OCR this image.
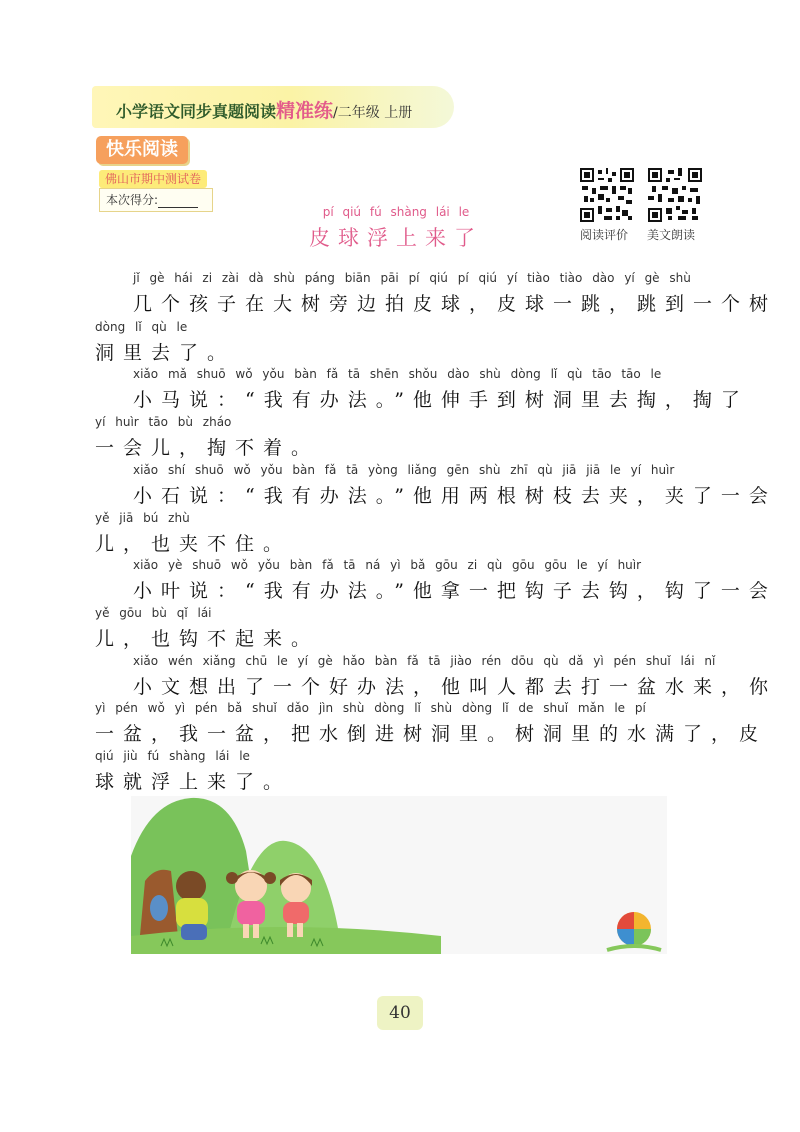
小学语文同步真题阅读精准练/二年级 上册
快乐阅读
佛山市期中测试卷
本次得分:
阅读评价 美文朗读
pí qiú fú shàng lái le
皮球浮上来了
jǐ gè hái zi zài dà shù páng biān pāi pí qiú pí qiú yí tiào tiào dào yí gè shù
几个孩子在大树旁边拍皮球，皮球一跳，跳到一个树
dòng lǐ qù le
洞里去了。
xiǎo mǎ shuō wǒ yǒu bàn fǎ tā shēn shǒu dào shù dòng lǐ qù tāo tāo le
小马说：“我有办法。”他伸手到树洞里去掏，掏了
yí huìr tāo bù zháo
一会儿，掏不着。
xiǎo shí shuō wǒ yǒu bàn fǎ tā yòng liǎng gēn shù zhī qù jiā jiā le yí huìr
小石说：“我有办法。”他用两根树枝去夹，夹了一会
yě jiā bú zhù
儿，也夹不住。
xiǎo yè shuō wǒ yǒu bàn fǎ tā ná yì bǎ gōu zi qù gōu gōu le yí huìr
小叶说：“我有办法。”他拿一把钩子去钩，钩了一会
yě gōu bù qǐ lái
儿，也钩不起来。
xiǎo wén xiǎng chū le yí gè hǎo bàn fǎ tā jiào rén dōu qù dǎ yì pén shuǐ lái nǐ
小文想出了一个好办法，他叫人都去打一盆水来，你
yì pén wǒ yì pén bǎ shuǐ dǎo jìn shù dòng lǐ shù dòng lǐ de shuǐ mǎn le pí
一盆，我一盆，把水倒进树洞里。树洞里的水满了，皮
qiú jiù fú shàng lái le
球就浮上来了。
40
